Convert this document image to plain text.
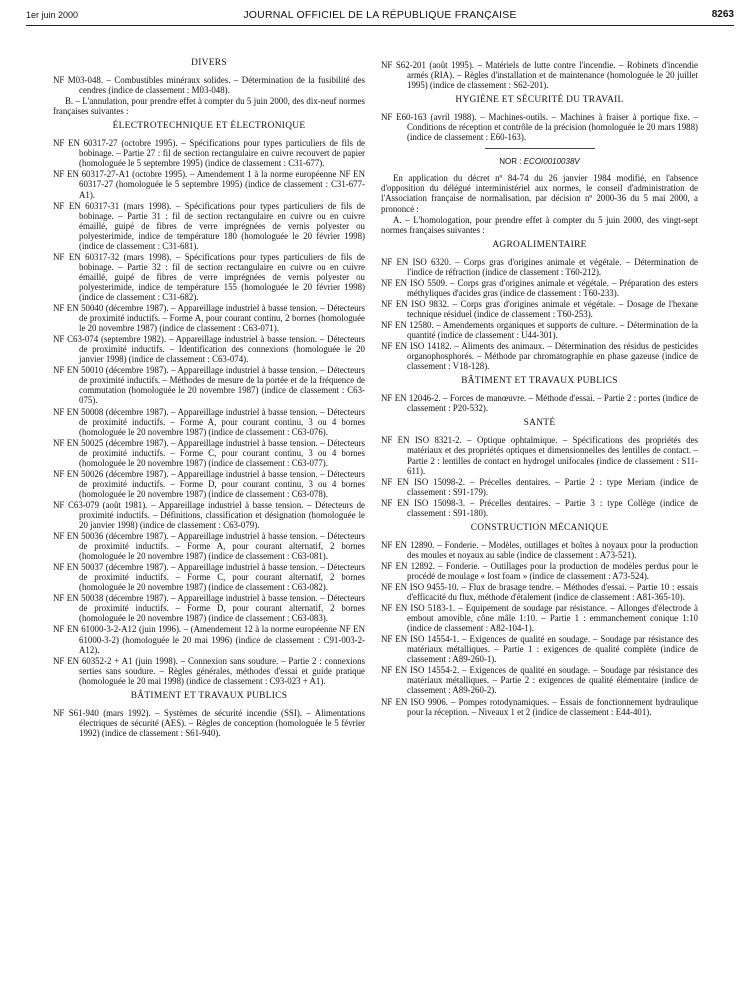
1er juin 2000	JOURNAL OFFICIEL DE LA RÉPUBLIQUE FRANÇAISE	8263
DIVERS
NF M03-048. – Combustibles minéraux solides. – Détermination de la fusibilité des cendres (indice de classement : M03-048).
B. – L'annulation, pour prendre effet à compter du 5 juin 2000, des dix-neuf normes françaises suivantes :
ÉLECTROTECHNIQUE ET ÉLECTRONIQUE
NF EN 60317-27 (octobre 1995). – Spécifications pour types particuliers de fils de bobinage. – Partie 27 : fil de section rectangulaire en cuivre recouvert de papier (homologuée le 5 septembre 1995) (indice de classement : C31-677).
NF EN 60317-27-A1 (octobre 1995). – Amendement 1 à la norme européenne NF EN 60317-27 (homologuée le 5 septembre 1995) (indice de classement : C31-677-A1).
NF EN 60317-31 (mars 1998). – Spécifications pour types particuliers de fils de bobinage. – Partie 31 : fil de section rectangulaire en cuivre ou en cuivre émaillé, guipé de fibres de verre imprégnées de vernis polyester ou polyesterimide, indice de température 180 (homologuée le 20 février 1998) (indice de classement : C31-681).
NF EN 60317-32 (mars 1998). – Spécifications pour types particuliers de fils de bobinage. – Partie 32 : fil de section rectangulaire en cuivre ou en cuivre émaillé, guipé de fibres de verre imprégnées de vernis polyester ou polyesterimide, indice de température 155 (homologuée le 20 février 1998) (indice de classement : C31-682).
NF EN 50040 (décembre 1987). – Appareillage industriel à basse tension. – Détecteurs de proximité inductifs. – Forme A, pour courant continu, 2 bornes (homologuée le 20 novembre 1987) (indice de classement : C63-071).
NF C63-074 (septembre 1982). – Appareillage industriel à basse tension. – Détecteurs de proximité inductifs. – Identification des connexions (homologuée le 20 janvier 1998) (indice de classement : C63-074).
NF EN 50010 (décembre 1987). – Appareillage industriel à basse tension. – Détecteurs de proximité inductifs. – Méthodes de mesure de la portée et de la fréquence de commutation (homologuée le 20 novembre 1987) (indice de classement : C63-075).
NF EN 50008 (décembre 1987). – Appareillage industriel à basse tension. – Détecteurs de proximité inductifs. – Forme A, pour courant continu, 3 ou 4 bornes (homologuée le 20 novembre 1987) (indice de classement : C63-076).
NF EN 50025 (décembre 1987). – Appareillage industriel à basse tension. – Détecteurs de proximité inductifs. – Forme C, pour courant continu, 3 ou 4 bornes (homologuée le 20 novembre 1987) (indice de classement : C63-077).
NF EN 50026 (décembre 1987). – Appareillage industriel à basse tension. – Détecteurs de proximité inductifs. – Forme D, pour courant continu, 3 ou 4 bornes (homologuée le 20 novembre 1987) (indice de classement : C63-078).
NF C63-079 (août 1981). – Appareillage industriel à basse tension. – Détecteurs de proximité inductifs. – Définitions, classification et désignation (homologuée le 20 janvier 1998) (indice de classement : C63-079).
NF EN 50036 (décembre 1987). – Appareillage industriel à basse tension. – Détecteurs de proximité inductifs. – Forme A, pour courant alternatif, 2 bornes (homologuée le 20 novembre 1987) (indice de classement : C63-081).
NF EN 50037 (décembre 1987). – Appareillage industriel à basse tension. – Détecteurs de proximité inductifs. – Forme C, pour courant alternatif, 2 bornes (homologuée le 20 novembre 1987) (indice de classement : C63-082).
NF EN 50038 (décembre 1987). – Appareillage industriel à basse tension. – Détecteurs de proximité inductifs. – Forme D, pour courant alternatif, 2 bornes (homologuée le 20 novembre 1987) (indice de classement : C63-083).
NF EN 61000-3-2-A12 (juin 1996). – (Amendement 12 à la norme européenne NF EN 61000-3-2) (homologuée le 20 mai 1996) (indice de classement : C91-003-2-A12).
NF EN 60352-2 + A1 (juin 1998). – Connexion sans soudure. – Partie 2 : connexions serties sans soudure. – Règles générales, méthodes d'essai et guide pratique (homologuée le 20 mai 1998) (indice de classement : C93-023 + A1).
BÂTIMENT ET TRAVAUX PUBLICS
NF S61-940 (mars 1992). – Systèmes de sécurité incendie (SSI). – Alimentations électriques de sécurité (AES). – Règles de conception (homologuée le 5 février 1992) (indice de classement : S61-940).
NF S62-201 (août 1995). – Matériels de lutte contre l'incendie. – Robinets d'incendie armés (RIA). – Règles d'installation et de maintenance (homologuée le 20 juillet 1995) (indice de classement : S62-201).
HYGIÈNE ET SÉCURITÉ DU TRAVAIL
NF E60-163 (avril 1988). – Machines-outils. – Machines à fraiser à portique fixe. – Conditions de réception et contrôle de la précision (homologuée le 20 mars 1988) (indice de classement : E60-163).
NOR : ECOI0010038V
En application du décret nº 84-74 du 26 janvier 1984 modifié, en l'absence d'opposition du délégué interministériel aux normes, le conseil d'administration de l'Association française de normalisation, par décision nº 2000-36 du 5 mai 2000, a prononcé :
A. – L'homologation, pour prendre effet à compter du 5 juin 2000, des vingt-sept normes françaises suivantes :
AGROALIMENTAIRE
NF EN ISO 6320. – Corps gras d'origines animale et végétale. – Détermination de l'indice de réfraction (indice de classement : T60-212).
NF EN ISO 5509. – Corps gras d'origines animale et végétale. – Préparation des esters méthyliques d'acides gras (indice de classement : T60-233).
NF EN ISO 9832. – Corps gras d'origines animale et végétale. – Dosage de l'hexane technique résiduel (indice de classement : T60-253).
NF EN 12580. – Amendements organiques et supports de culture. – Détermination de la quantité (indice de classement : U44-301).
NF EN ISO 14182. – Aliments des animaux. – Détermination des résidus de pesticides organophosphorés. – Méthode par chromatographie en phase gazeuse (indice de classement : V18-128).
BÂTIMENT ET TRAVAUX PUBLICS
NF EN 12046-2. – Forces de manœuvre. – Méthode d'essai. – Partie 2 : portes (indice de classement : P20-532).
SANTÉ
NF EN ISO 8321-2. – Optique ophtalmique. – Spécifications des propriétés des matériaux et des propriétés optiques et dimensionnelles des lentilles de contact. – Partie 2 : lentilles de contact en hydrogel unifocales (indice de classement : S11-611).
NF EN ISO 15098-2. – Précelles dentaires. – Partie 2 : type Meriam (indice de classement : S91-179).
NF EN ISO 15098-3. – Précelles dentaires. – Partie 3 : type Collège (indice de classement : S91-180).
CONSTRUCTION MÉCANIQUE
NF EN 12890. – Fonderie. – Modèles, outillages et boîtes à noyaux pour la production des moules et noyaux au sable (indice de classement : A73-521).
NF EN 12892. – Fonderie. – Outillages pour la production de modèles perdus pour le procédé de moulage « lost foam » (indice de classement : A73-524).
NF EN ISO 9455-10. – Flux de brasage tendre. – Méthodes d'essai. – Partie 10 : essais d'efficacité du flux, méthode d'étalement (indice de classement : A81-365-10).
NF EN ISO 5183-1. – Equipement de soudage par résistance. – Allonges d'électrode à embout amovible, cône mâle 1:10. – Partie 1 : emmanchement conique 1:10 (indice de classement : A82-104-1).
NF EN ISO 14554-1. – Exigences de qualité en soudage. – Soudage par résistance des matériaux métalliques. – Partie 1 : exigences de qualité complète (indice de classement : A89-260-1).
NF EN ISO 14554-2. – Exigences de qualité en soudage. – Soudage par résistance des matériaux métalliques. – Partie 2 : exigences de qualité élémentaire (indice de classement : A89-260-2).
NF EN ISO 9906. – Pompes rotodynamiques. – Essais de fonctionnement hydraulique pour la réception. – Niveaux 1 et 2 (indice de classement : E44-401).
